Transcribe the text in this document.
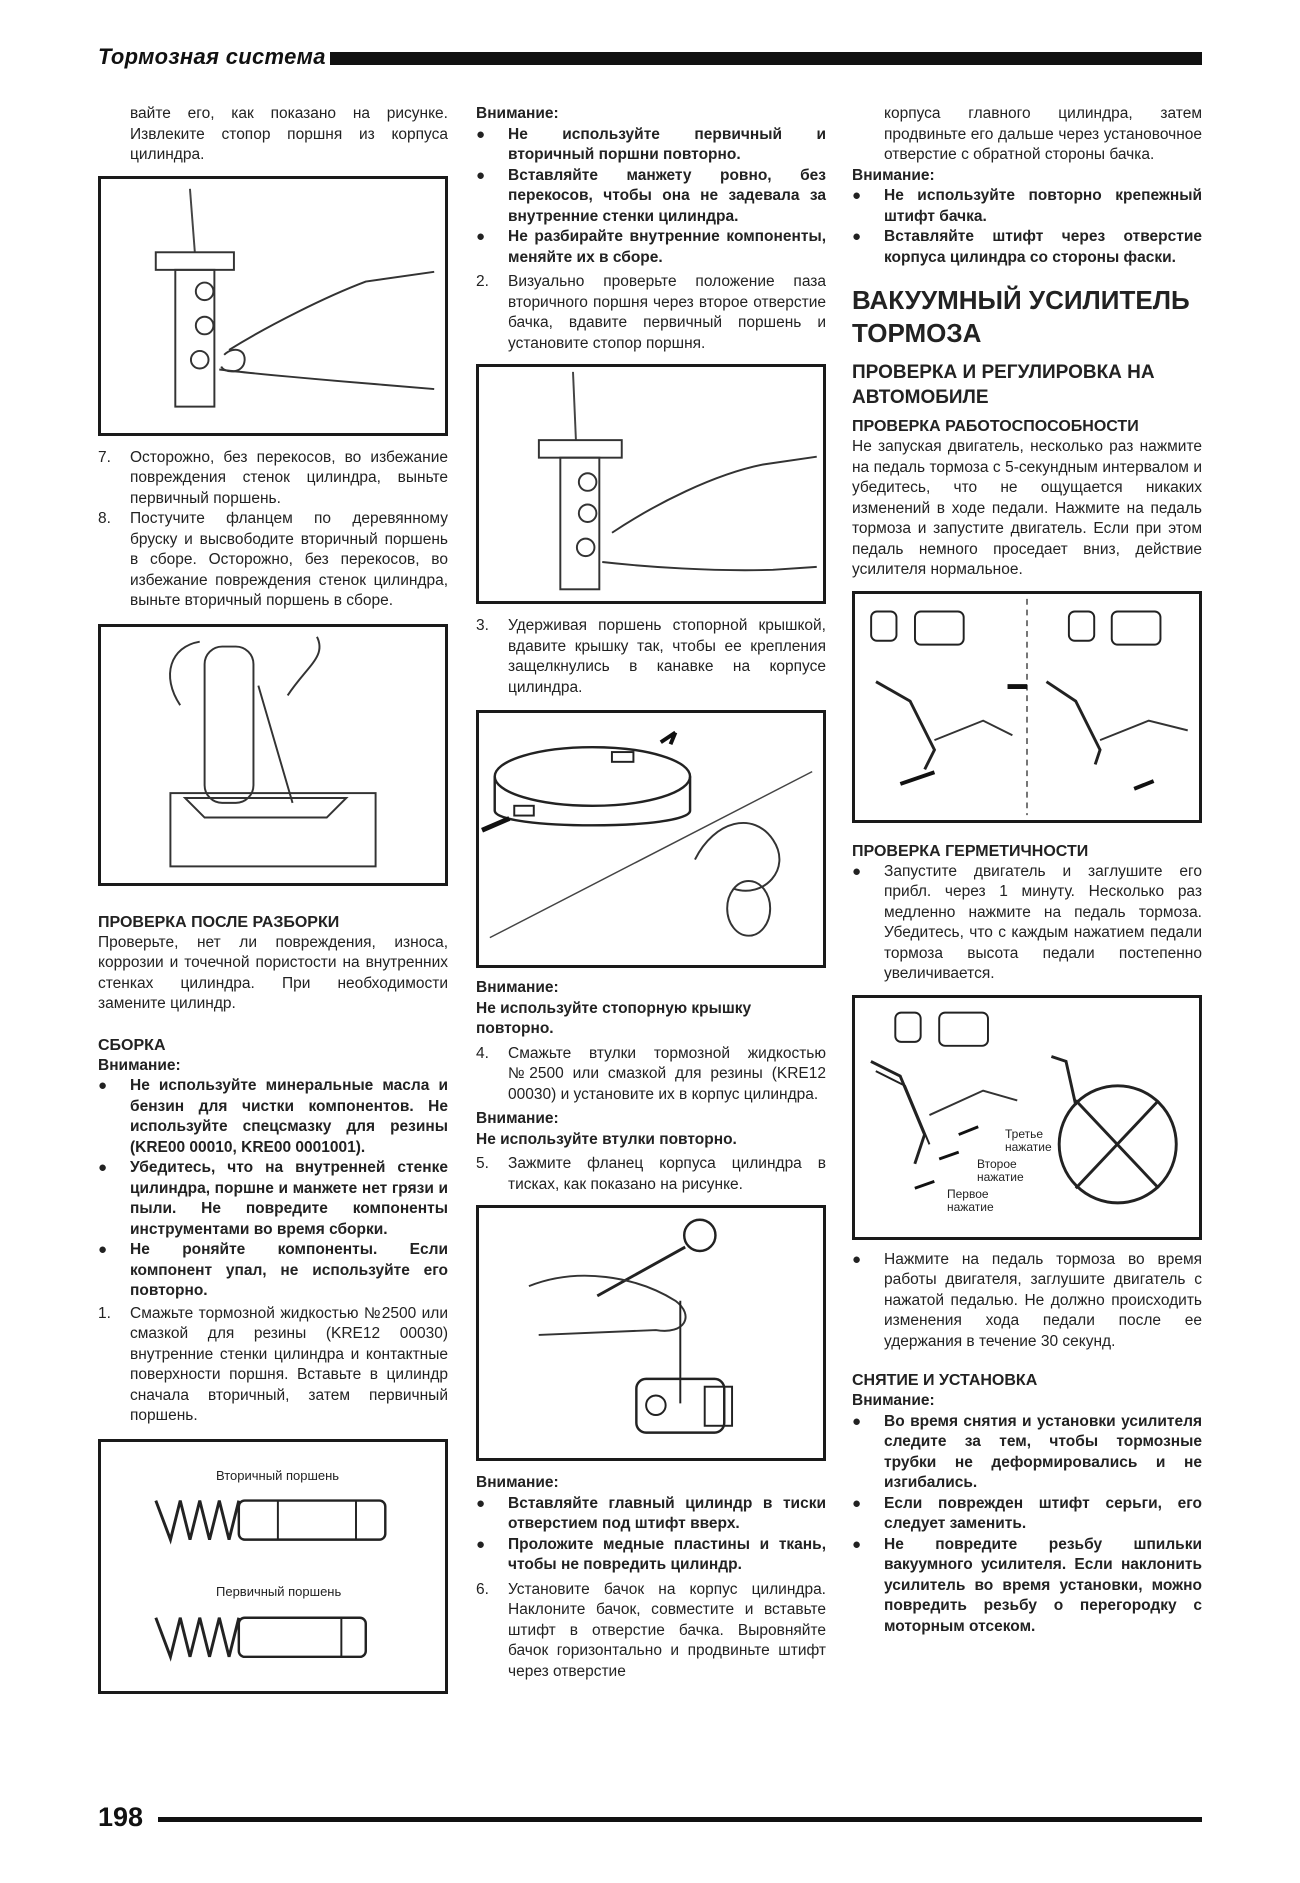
Тормозная система

вайте его, как показано на рисунке. Извлеките стопор поршня из корпуса цилиндра.

7. Осторожно, без перекосов, во избежание повреждения стенок цилиндра, выньте первичный поршень.
8. Постучите фланцем по деревянному бруску и высвободите вторичный поршень в сборе. Осторожно, без перекосов, во избежание повреждения стенок цилиндра, выньте вторичный поршень в сборе.

ПРОВЕРКА ПОСЛЕ РАЗБОРКИ

Проверьте, нет ли повреждения, износа, коррозии и точечной пористости на внутренних стенках цилиндра. При необходимости замените цилиндр.

СБОРКА

Внимание:

● Не используйте минеральные масла и бензин для чистки компонентов. Не используйте спецсмазку для резины (KRE00 00010, KRE00 0001001).
● Убедитесь, что на внутренней стенке цилиндра, поршне и манжете нет грязи и пыли. Не повредите компоненты инструментами во время сборки.
● Не роняйте компоненты. Если компонент упал, не используйте его повторно.
1. Смажьте тормозной жидкостью №2500 или смазкой для резины (KRE12 00030) внутренние стенки цилиндра и контактные поверхности поршня. Вставьте в цилиндр сначала вторичный, затем первичный поршень.
Вторичный поршень
Первичный поршень

Внимание:

● Не используйте первичный и вторичный поршни повторно.
● Вставляйте манжету ровно, без перекосов, чтобы она не задевала за внутренние стенки цилиндра.
● Не разбирайте внутренние компоненты, меняйте их в сборе.
2. Визуально проверьте положение паза вторичного поршня через второе отверстие бачка, вдавите первичный поршень и установите стопор поршня.
3. Удерживая поршень стопорной крышкой, вдавите крышку так, чтобы ее крепления защелкнулись в канавке на корпусе цилиндра.

Внимание:

Не используйте стопорную крышку повторно.

4. Смажьте втулки тормозной жидкостью №2500 или смазкой для резины (KRE12 00030) и установите их в корпус цилиндра.

Внимание:

Не используйте втулки повторно.

5. Зажмите фланец корпуса цилиндра в тисках, как показано на рисунке.

Внимание:

● Вставляйте главный цилиндр в тиски отверстием под штифт вверх.
● Проложите медные пластины и ткань, чтобы не повредить цилиндр.
6. Установите бачок на корпус цилиндра. Наклоните бачок, совместите и вставьте штифт в отверстие бачка. Выровняйте бачок горизонтально и продвиньте штифт через отверстие

корпуса главного цилиндра, затем продвиньте его дальше через установочное отверстие с обратной стороны бачка.

Внимание:

● Не используйте повторно крепежный штифт бачка.
● Вставляйте штифт через отверстие корпуса цилиндра со стороны фаски.

ВАКУУМНЫЙ УСИЛИТЕЛЬ ТОРМОЗА

ПРОВЕРКА И РЕГУЛИРОВКА НА АВТОМОБИЛЕ

ПРОВЕРКА РАБОТОСПОСОБНОСТИ

Не запуская двигатель, несколько раз нажмите на педаль тормоза с 5-секундным интервалом и убедитесь, что не ощущается никаких изменений в ходе педали. Нажмите на педаль тормоза и запустите двигатель. Если при этом педаль немного проседает вниз, действие усилителя нормальное.

ПРОВЕРКА ГЕРМЕТИЧНОСТИ

● Запустите двигатель и заглушите его прибл. через 1 минуту. Несколько раз медленно нажмите на педаль тормоза. Убедитесь, что с каждым нажатием педали тормоза высота педали постепенно увеличивается.
Третье нажатие
Второе нажатие
Первое нажатие
● Нажмите на педаль тормоза во время работы двигателя, заглушите двигатель с нажатой педалью. Не должно происходить изменения хода педали после ее удержания в течение 30 секунд.

СНЯТИЕ И УСТАНОВКА

Внимание:

● Во время снятия и установки усилителя следите за тем, чтобы тормозные трубки не деформировались и не изгибались.
● Если поврежден штифт серьги, его следует заменить.
● Не повредите резьбу шпильки вакуумного усилителя. Если наклонить усилитель во время установки, можно повредить резьбу о перегородку с моторным отсеком.
198
